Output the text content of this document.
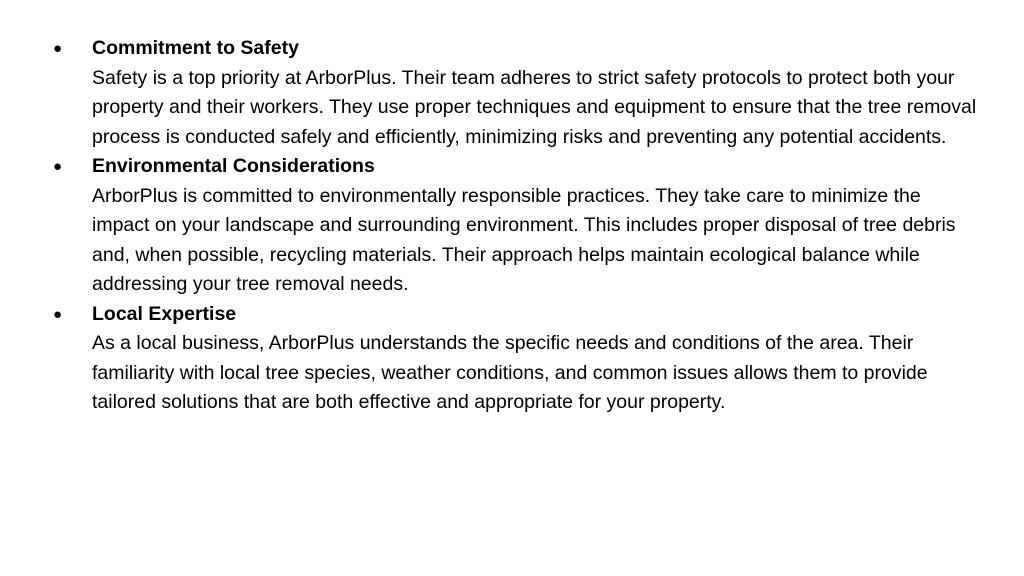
● Commitment to Safety

Safety is a top priority at ArborPlus. Their team adheres to strict safety protocols to protect both your property and their workers. They use proper techniques and equipment to ensure that the tree removal process is conducted safely and efficiently, minimizing risks and preventing any potential accidents.

● Environmental Considerations

ArborPlus is committed to environmentally responsible practices. They take care to minimize the impact on your landscape and surrounding environment. This includes proper disposal of tree debris and, when possible, recycling materials. Their approach helps maintain ecological balance while addressing your tree removal needs.

● Local Expertise

As a local business, ArborPlus understands the specific needs and conditions of the area. Their familiarity with local tree species, weather conditions, and common issues allows them to provide tailored solutions that are both effective and appropriate for your property.
